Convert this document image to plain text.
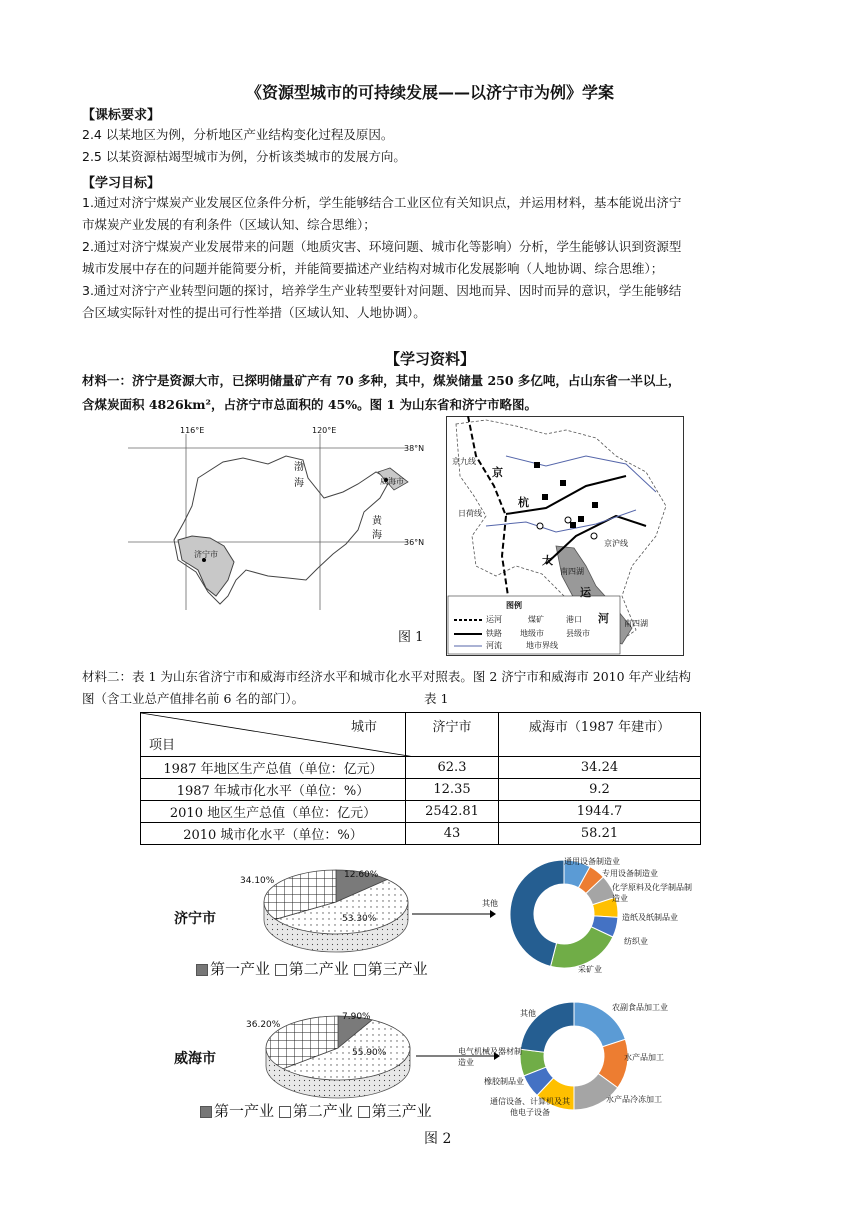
《资源型城市的可持续发展——以济宁市为例》学案
【课标要求】
2.4 以某地区为例，分析地区产业结构变化过程及原因。
2.5 以某资源枯竭型城市为例，分析该类城市的发展方向。
【学习目标】
1.通过对济宁煤炭产业发展区位条件分析，学生能够结合工业区位有关知识点，并运用材料，基本能说出济宁
市煤炭产业发展的有利条件（区域认知、综合思维）；
2.通过对济宁煤炭产业发展带来的问题（地质灾害、环境问题、城市化等影响）分析，学生能够认识到资源型
城市发展中存在的问题并能简要分析，并能简要描述产业结构对城市化发展影响（人地协调、综合思维）；
3.通过对济宁产业转型问题的探讨，培养学生产业转型要针对问题、因地而异、因时而异的意识，学生能够结
合区域实际针对性的提出可行性举措（区域认知、人地协调）。
【学习资料】
材料一：济宁是资源大市，已探明储量矿产有 70 多种，其中，煤炭储量 250 多亿吨，占山东省一半以上，
含煤炭面积 4826km²，占济宁市总面积的 45%。图 1 为山东省和济宁市略图。
116°E	120°E
38°N
36°N
渤
海
黄
海
威海市
济宁市
京九线
京
杭
大
运
河
日荷线
京沪线
南四湖
南四湖
图例
运河	煤矿	港口
铁路 地级市	县级市
河流	地市界线
图 1
材料二：表 1 为山东省济宁市和威海市经济水平和城市化水平对照表。图 2 济宁市和威海市 2010 年产业结构
图（含工业总产值排名前 6 名的部门）。	表 1
城市
项目	济宁市	威海市（1987 年建市）
1987 年地区生产总值（单位：亿元）	62.3	34.24
1987 年城市化水平（单位：%）	12.35	9.2
2010 地区生产总值（单位：亿元）	2542.81	1944.7
2010 城市化水平（单位：%）	43	58.21
济宁市
34.10%
12.60%
53.30%
其他
通用设备制造业
专用设备制造业
化学原料及化学制品制造业
造纸及纸制品业
纺织业
采矿业
第一产业 第二产业 第三产业
威海市
36.20%
7.90%
55.90%
其他
农副食品加工业
水产品加工
水产品冷冻加工
通信设备、计算机及其他电子设备
橡胶制品业
电气机械及器材制造业
第一产业 第二产业 第三产业
图 2
